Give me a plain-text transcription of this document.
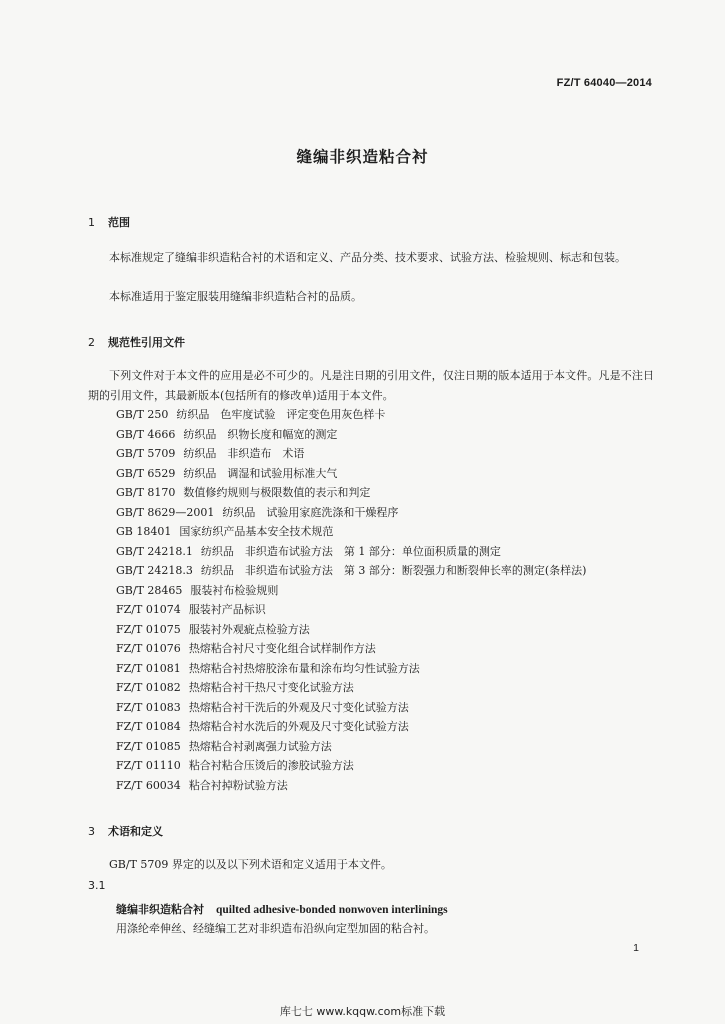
FZ/T 64040—2014
缝编非织造粘合衬
1 范围
本标准规定了缝编非织造粘合衬的术语和定义、产品分类、技术要求、试验方法、检验规则、标志和包装。
本标准适用于鉴定服装用缝编非织造粘合衬的品质。
2 规范性引用文件
下列文件对于本文件的应用是必不可少的。凡是注日期的引用文件，仅注日期的版本适用于本文件。凡是不注日期的引用文件，其最新版本(包括所有的修改单)适用于本文件。
GB/T 250 纺织品　色牢度试验　评定变色用灰色样卡
GB/T 4666 纺织品　织物长度和幅宽的测定
GB/T 5709 纺织品　非织造布　术语
GB/T 6529 纺织品　调湿和试验用标准大气
GB/T 8170 数值修约规则与极限数值的表示和判定
GB/T 8629—2001 纺织品　试验用家庭洗涤和干燥程序
GB 18401 国家纺织产品基本安全技术规范
GB/T 24218.1 纺织品　非织造布试验方法　第 1 部分：单位面积质量的测定
GB/T 24218.3 纺织品　非织造布试验方法　第 3 部分：断裂强力和断裂伸长率的测定(条样法)
GB/T 28465 服装衬布检验规则
FZ/T 01074 服装衬产品标识
FZ/T 01075 服装衬外观疵点检验方法
FZ/T 01076 热熔粘合衬尺寸变化组合试样制作方法
FZ/T 01081 热熔粘合衬热熔胶涂布量和涂布均匀性试验方法
FZ/T 01082 热熔粘合衬干热尺寸变化试验方法
FZ/T 01083 热熔粘合衬干洗后的外观及尺寸变化试验方法
FZ/T 01084 热熔粘合衬水洗后的外观及尺寸变化试验方法
FZ/T 01085 热熔粘合衬剥离强力试验方法
FZ/T 01110 粘合衬粘合压烫后的渗胶试验方法
FZ/T 60034 粘合衬掉粉试验方法
3 术语和定义
GB/T 5709 界定的以及以下列术语和定义适用于本文件。
3.1
缝编非织造粘合衬 quilted adhesive-bonded nonwoven interlinings
用涤纶牵伸丝、经缝编工艺对非织造布沿纵向定型加固的粘合衬。
1
库七七 www.kqqw.com标准下载
